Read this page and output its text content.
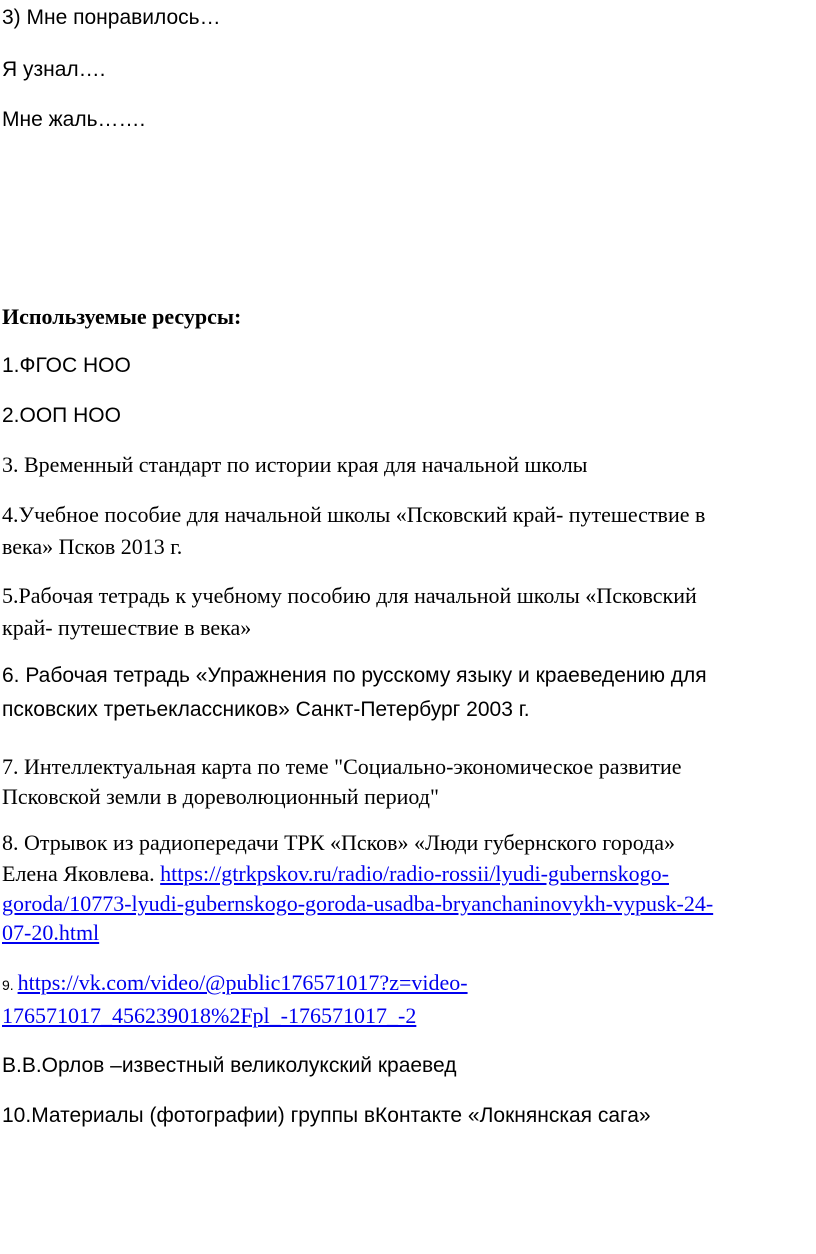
3) Мне понравилось…

Я узнал….

Мне жаль…….

Используемые ресурсы:

1.ФГОС НОО

2.ООП НОО

3. Временный стандарт по истории края для начальной школы

4.Учебное пособие для начальной школы «Псковский край- путешествие в

века» Псков 2013 г.

5.Рабочая тетрадь к учебному пособию для начальной школы «Псковский

край- путешествие в века»

6. Рабочая тетрадь «Упражнения по русскому языку и краеведению для

псковских третьеклассников» Санкт-Петербург 2003 г.

7. Интеллектуальная карта по теме "Социально-экономическое развитие

Псковской земли в дореволюционный период"

8. Отрывок из радиопередачи ТРК «Псков» «Люди губернского города»

Елена Яковлева. https://gtrkpskov.ru/radio/radio-rossii/lyudi-gubernskogo-

goroda/10773-lyudi-gubernskogo-goroda-usadba-bryanchaninovykh-vypusk-24-

07-20.html

9. https://vk.com/video/@public176571017?z=video-

176571017_456239018%2Fpl_-176571017_-2

В.В.Орлов –известный великолукский краевед

10.Материалы (фотографии) группы вКонтакте «Локнянская сага»
